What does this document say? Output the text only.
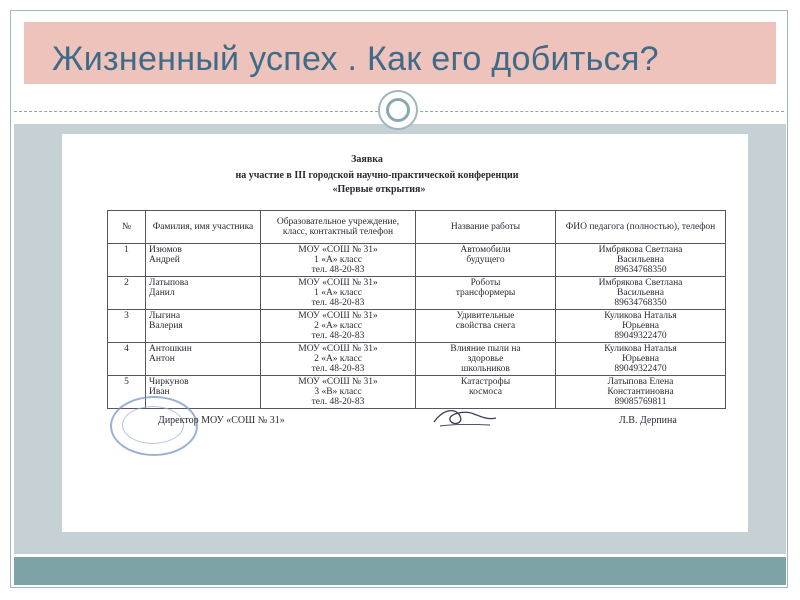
Жизненный успех . Как его добиться?
Заявка
на участие в III городской научно-практической конференции
«Первые открытия»
№	Фамилия, имя участника	Образовательное учреждение, класс, контактный телефон	Название работы	ФИО педагога (полностью), телефон
1	Изюмов
Андрей	МОУ «СОШ № 31»
1 «А» класс
тел. 48-20-83	Автомобили
будущего	Имбрякова Светлана
Васильевна
89634768350

2	Латыпова
Данил	МОУ «СОШ № 31»
1 «А» класс
тел. 48-20-83	Роботы
трансформеры	Имбрякова Светлана
Васильевна
89634768350

3	Лыгина
Валерия	МОУ «СОШ № 31»
2 «А» класс
тел. 48-20-83	Удивительные
свойства снега	Куликова Наталья
Юрьевна
89049322470

4	Антошкин
Антон	МОУ «СОШ № 31»
2 «А» класс
тел. 48-20-83	Влияние пыли на
здоровье
школьников	Куликова Наталья
Юрьевна
89049322470

5	Чиркунов
Иван	МОУ «СОШ № 31»
3 «В» класс
тел. 48-20-83	Катастрофы
космоса	Латыпова Елена
Константиновна
89085769811
Директор МОУ «СОШ № 31»	Л.В. Дерпина
